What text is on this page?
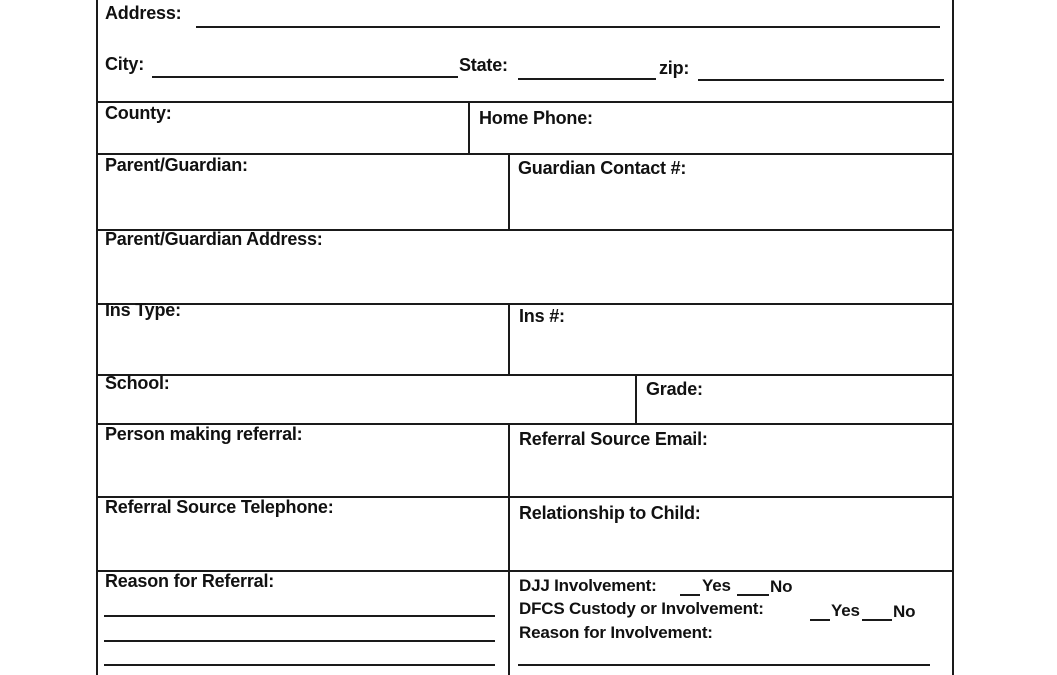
Address:
City:	State:	zip:
County:	Home Phone:
Parent/Guardian:	Guardian Contact #:
Parent/Guardian Address:
Ins Type:	Ins #:
School:	Grade:
Person making referral:	Referral Source Email:
Referral Source Telephone:	Relationship to Child:
Reason for Referral:	DJJ Involvement:	Yes No
DFCS Custody or Involvement:	Yes No
Reason for Involvement:
